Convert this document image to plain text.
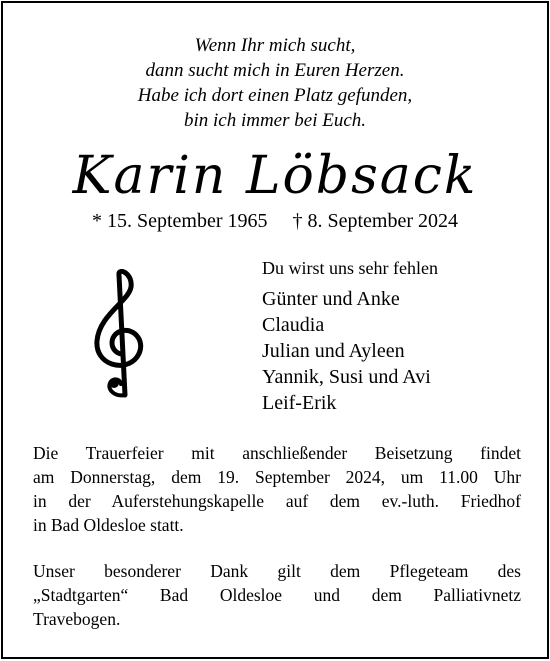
Wenn Ihr mich sucht,
dann sucht mich in Euren Herzen.
Habe ich dort einen Platz gefunden,
bin ich immer bei Euch.
Karin Löbsack
* 15. September 1965 † 8. September 2024
Du wirst uns sehr fehlen
Günter und Anke
Claudia
Julian und Ayleen
Yannik, Susi und Avi
Leif-Erik
Die Trauerfeier mit anschließender Beisetzung findet
am Donnerstag, dem 19. September 2024, um 11.00 Uhr
in der Auferstehungskapelle auf dem ev.-luth. Friedhof
in Bad Oldesloe statt.
Unser besonderer Dank gilt dem Pflegeteam des
„Stadtgarten“ Bad Oldesloe und dem Palliativnetz
Travebogen.
